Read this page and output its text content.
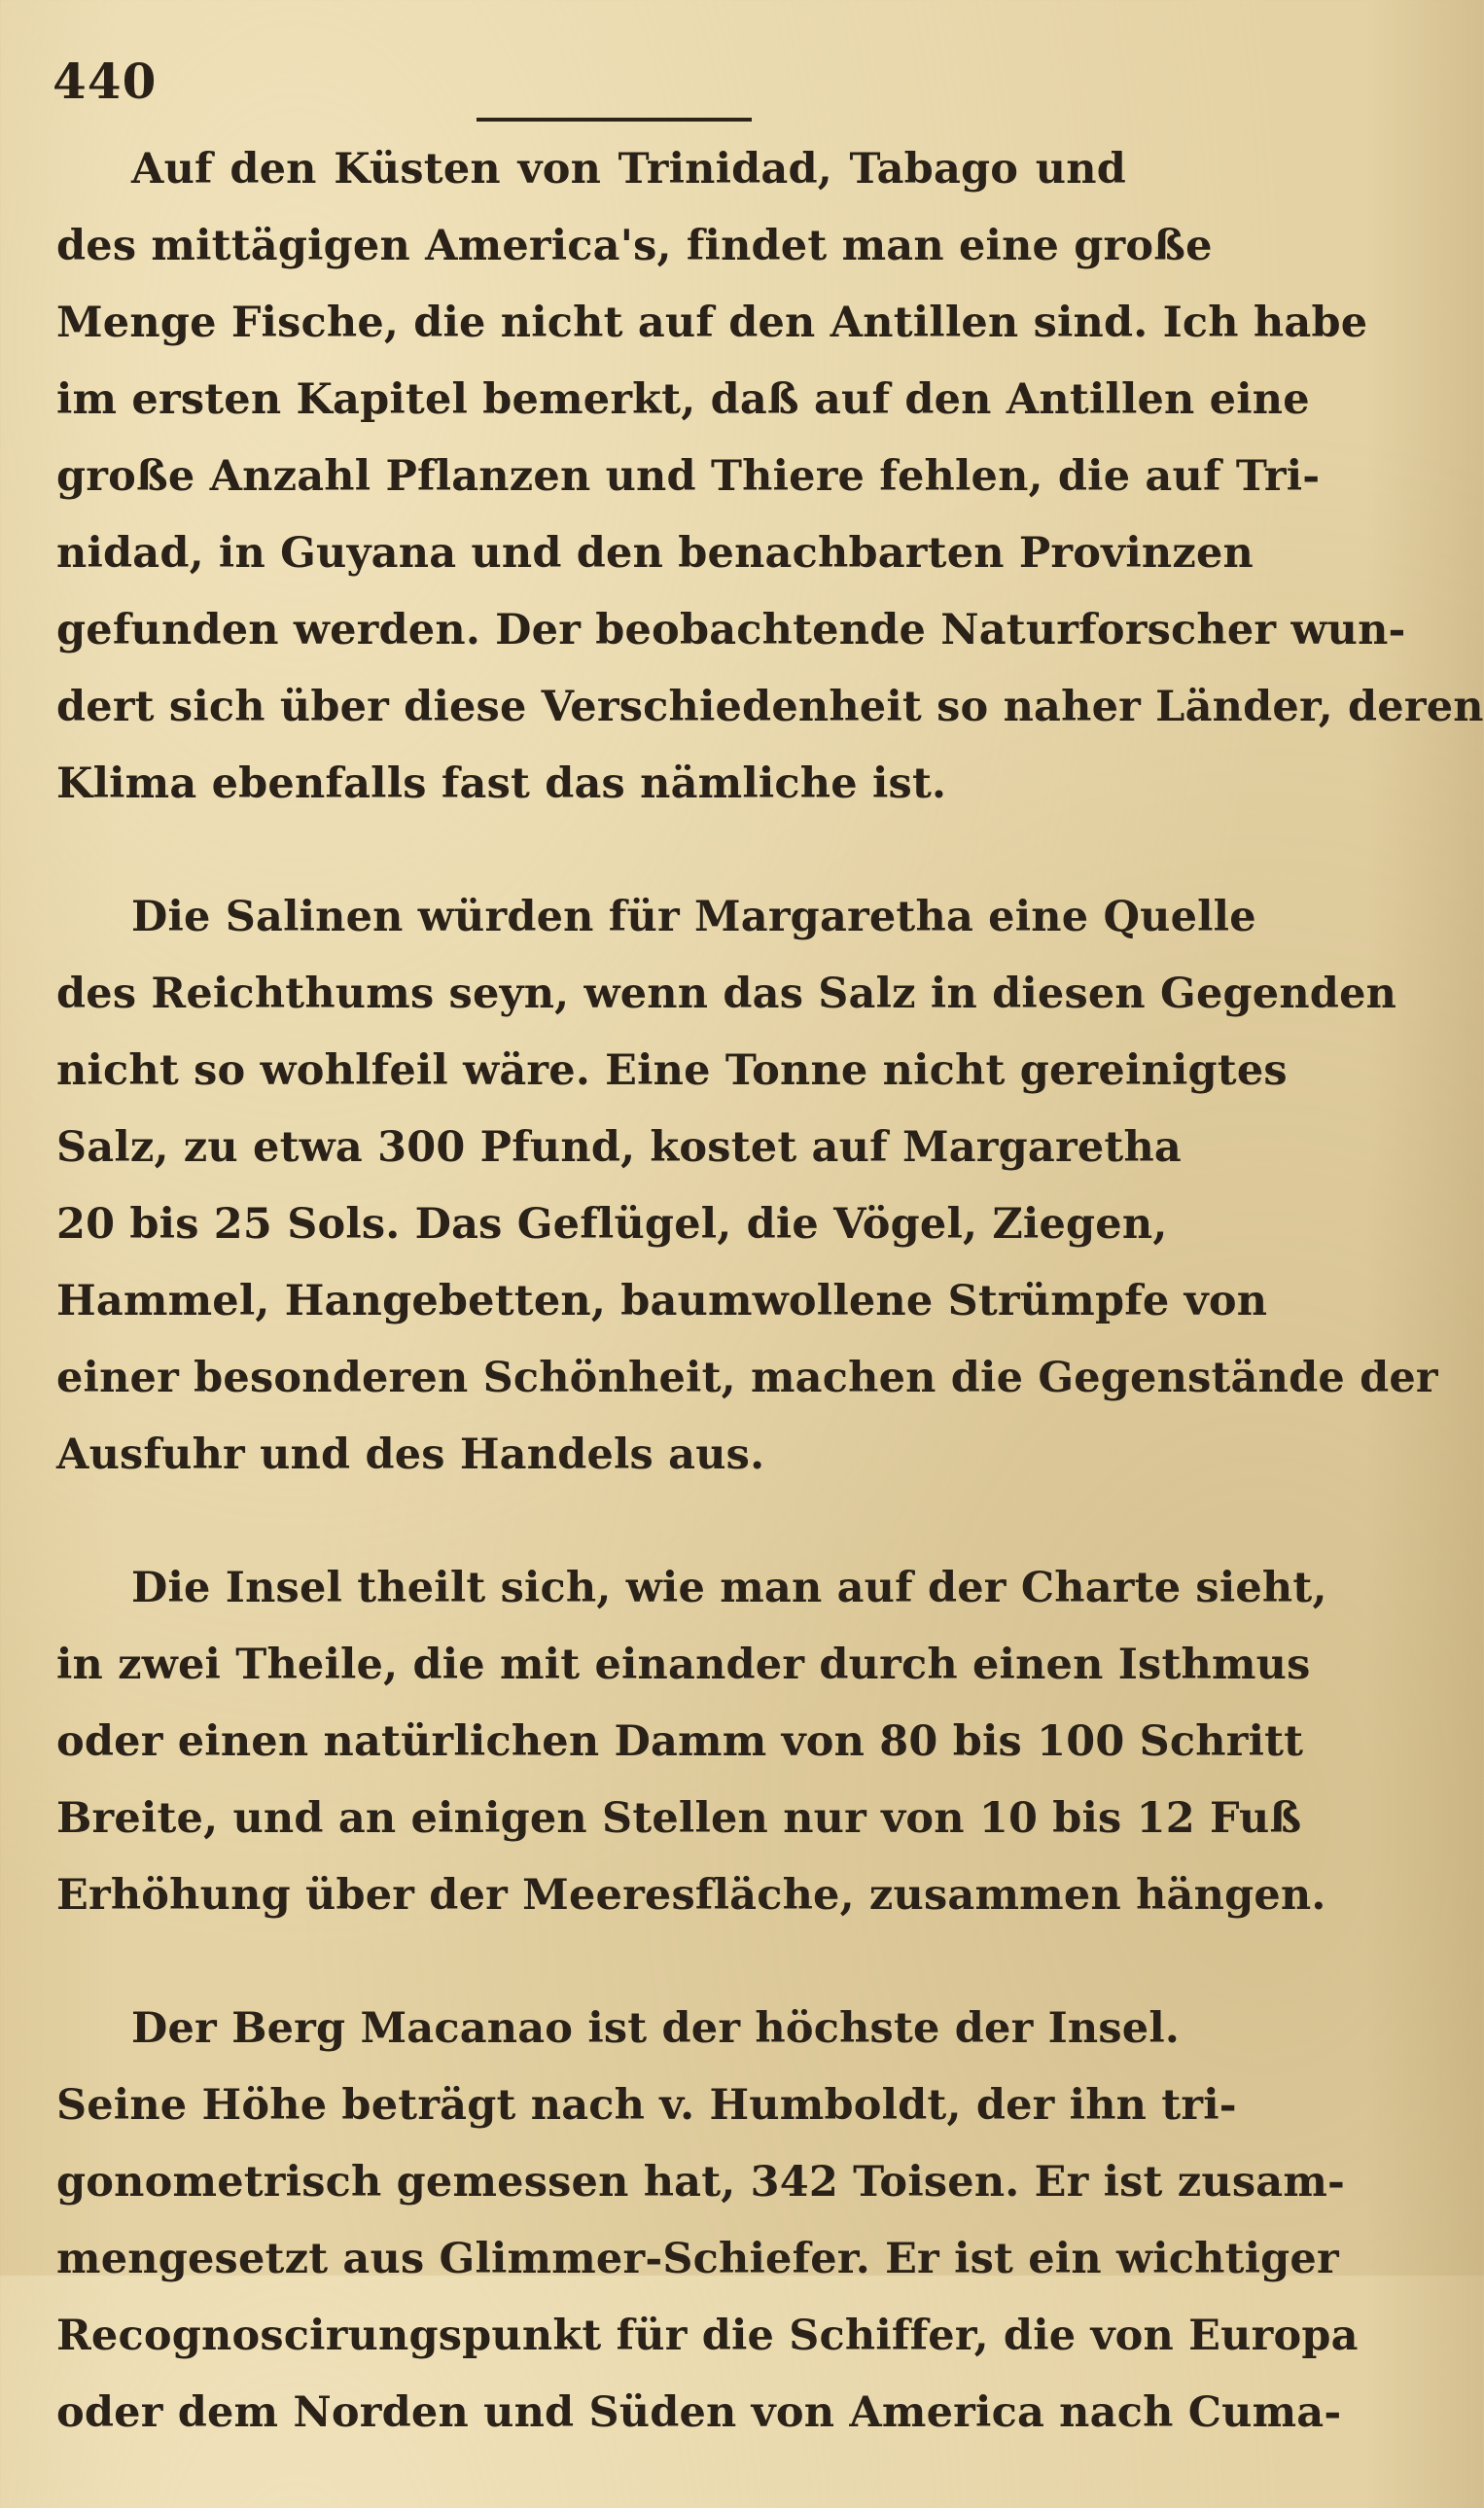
440
Auf den Küsten von Trinidad, Tabago und
des mittägigen America's, findet man eine große
Menge Fische, die nicht auf den Antillen sind. Ich habe
im ersten Kapitel bemerkt, daß auf den Antillen eine
große Anzahl Pflanzen und Thiere fehlen, die auf Tri-
nidad, in Guyana und den benachbarten Provinzen
gefunden werden. Der beobachtende Naturforscher wun-
dert sich über diese Verschiedenheit so naher Länder, deren
Klima ebenfalls fast das nämliche ist.
Die Salinen würden für Margaretha eine Quelle
des Reichthums seyn, wenn das Salz in diesen Gegenden
nicht so wohlfeil wäre. Eine Tonne nicht gereinigtes
Salz, zu etwa 300 Pfund, kostet auf Margaretha
20 bis 25 Sols. Das Geflügel, die Vögel, Ziegen,
Hammel, Hangebetten, baumwollene Strümpfe von
einer besonderen Schönheit, machen die Gegenstände der
Ausfuhr und des Handels aus.
Die Insel theilt sich, wie man auf der Charte sieht,
in zwei Theile, die mit einander durch einen Isthmus
oder einen natürlichen Damm von 80 bis 100 Schritt
Breite, und an einigen Stellen nur von 10 bis 12 Fuß
Erhöhung über der Meeresfläche, zusammen hängen.
Der Berg Macanao ist der höchste der Insel.
Seine Höhe beträgt nach v. Humboldt, der ihn tri-
gonometrisch gemessen hat, 342 Toisen. Er ist zusam-
mengesetzt aus Glimmer-Schiefer. Er ist ein wichtiger
Recognoscirungspunkt für die Schiffer, die von Europa
oder dem Norden und Süden von America nach Cuma-
